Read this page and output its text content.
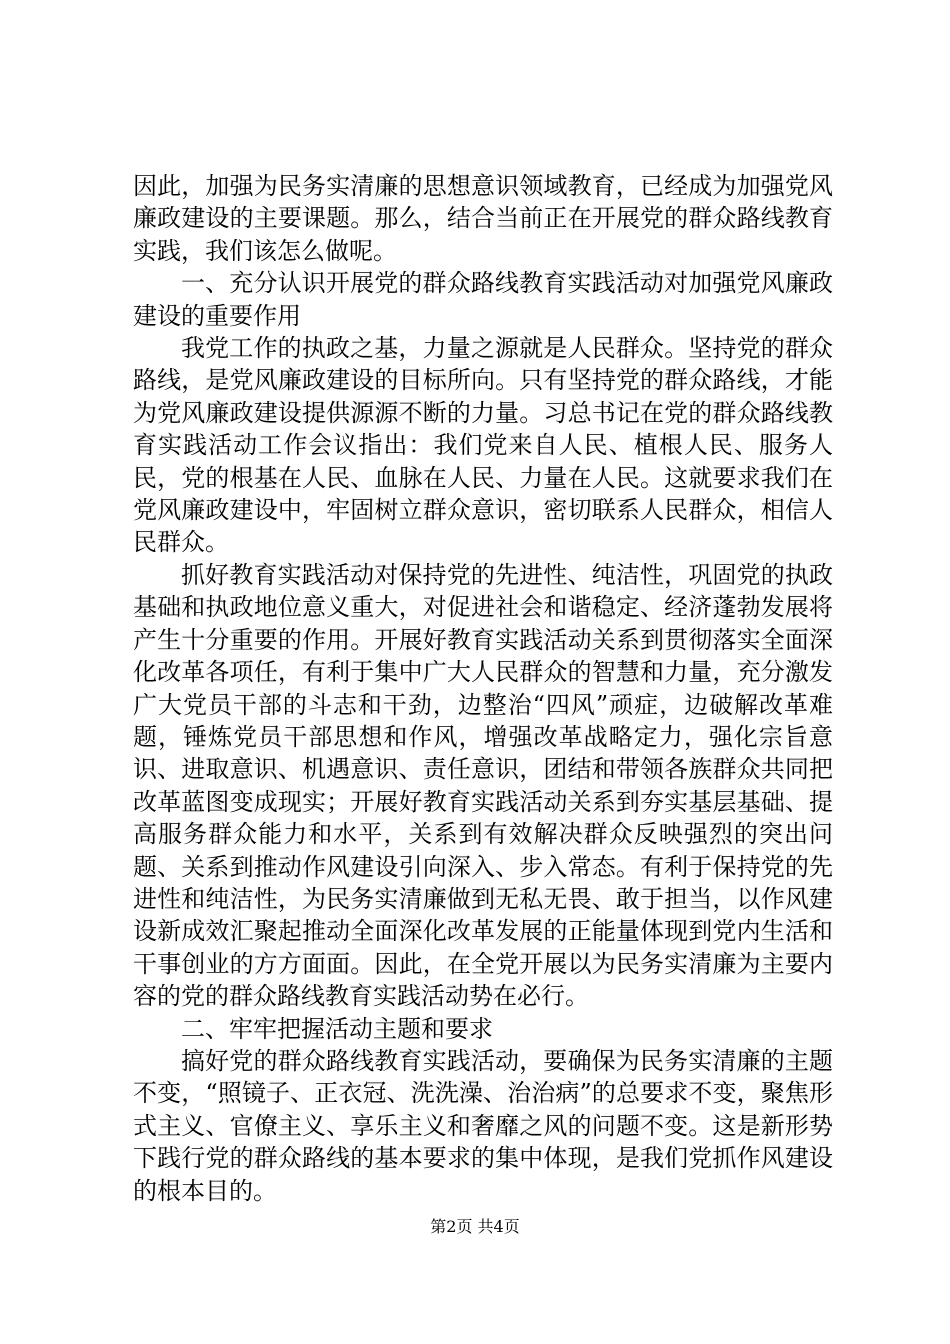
因此，加强为民务实清廉的思想意识领域教育，已经成为加强党风廉政建设的主要课题。那么，结合当前正在开展党的群众路线教育实践，我们该怎么做呢。

一、充分认识开展党的群众路线教育实践活动对加强党风廉政建设的重要作用

我党工作的执政之基，力量之源就是人民群众。坚持党的群众路线，是党风廉政建设的目标所向。只有坚持党的群众路线，才能为党风廉政建设提供源源不断的力量。习总书记在党的群众路线教育实践活动工作会议指出：我们党来自人民、植根人民、服务人民，党的根基在人民、血脉在人民、力量在人民。这就要求我们在党风廉政建设中，牢固树立群众意识，密切联系人民群众，相信人民群众。

抓好教育实践活动对保持党的先进性、纯洁性，巩固党的执政基础和执政地位意义重大，对促进社会和谐稳定、经济蓬勃发展将产生十分重要的作用。开展好教育实践活动关系到贯彻落实全面深化改革各项任，有利于集中广大人民群众的智慧和力量，充分激发广大党员干部的斗志和干劲，边整治“四风”顽症，边破解改革难题，锤炼党员干部思想和作风，增强改革战略定力，强化宗旨意识、进取意识、机遇意识、责任意识，团结和带领各族群众共同把改革蓝图变成现实；开展好教育实践活动关系到夯实基层基础、提高服务群众能力和水平，关系到有效解决群众反映强烈的突出问题、关系到推动作风建设引向深入、步入常态。有利于保持党的先进性和纯洁性，为民务实清廉做到无私无畏、敢于担当，以作风建设新成效汇聚起推动全面深化改革发展的正能量体现到党内生活和干事创业的方方面面。因此，在全党开展以为民务实清廉为主要内容的党的群众路线教育实践活动势在必行。

二、牢牢把握活动主题和要求

搞好党的群众路线教育实践活动，要确保为民务实清廉的主题不变，“照镜子、正衣冠、洗洗澡、治治病”的总要求不变，聚焦形式主义、官僚主义、享乐主义和奢靡之风的问题不变。这是新形势下践行党的群众路线的基本要求的集中体现，是我们党抓作风建设的根本目的。

第2页 共4页
